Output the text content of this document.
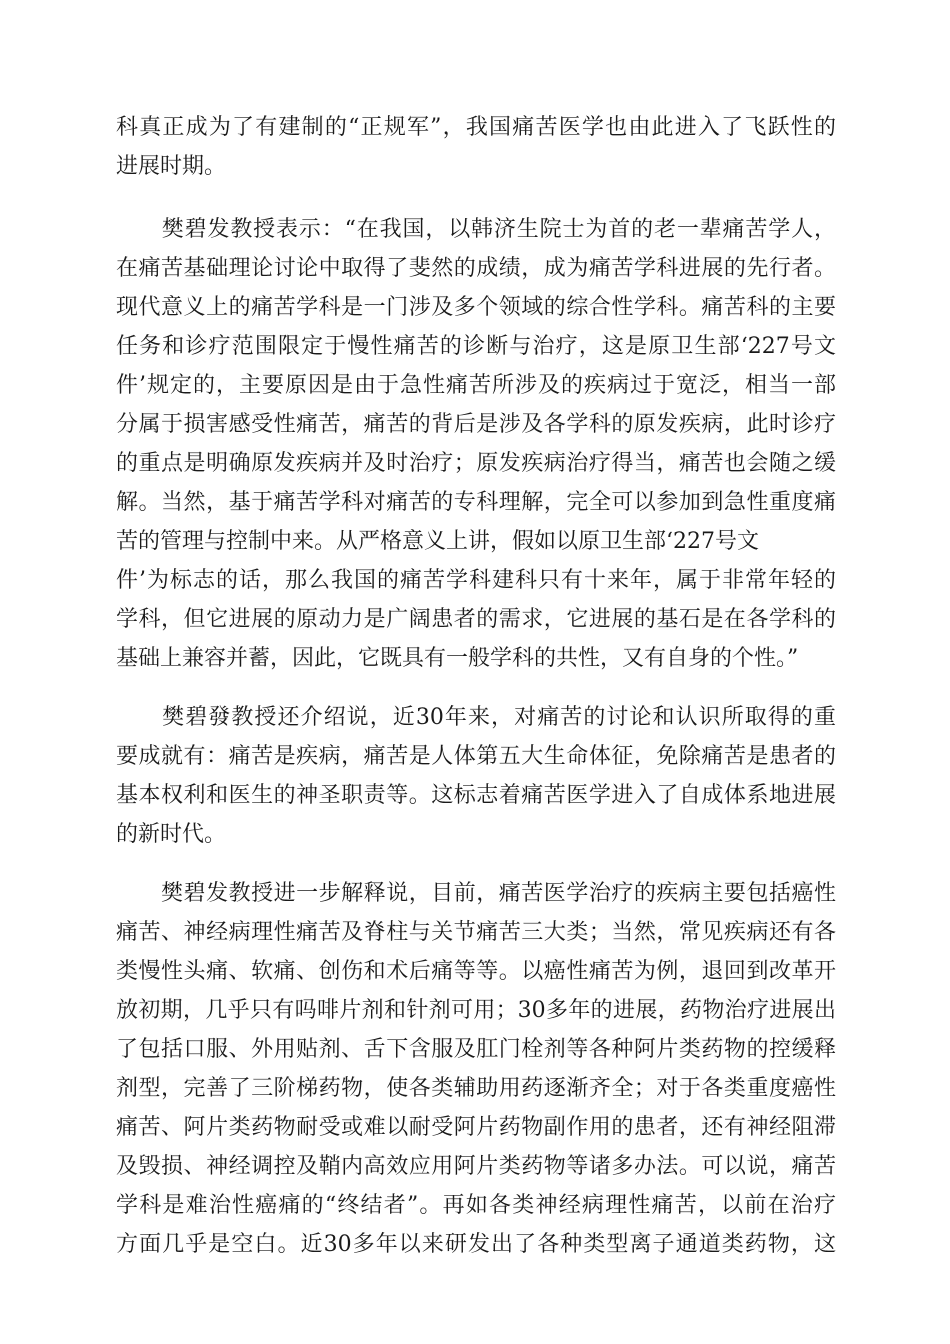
科真正成为了有建制的“正规军”，我国痛苦医学也由此进入了飞跃性的
进展时期。
　　樊碧发教授表示：“在我国，以韩济生院士为首的老一辈痛苦学人，
在痛苦基础理论讨论中取得了斐然的成绩，成为痛苦学科进展的先行者。
现代意义上的痛苦学科是一门涉及多个领域的综合性学科。痛苦科的主要
任务和诊疗范围限定于慢性痛苦的诊断与治疗，这是原卫生部‘227号文
件’规定的，主要原因是由于急性痛苦所涉及的疾病过于宽泛，相当一部
分属于损害感受性痛苦，痛苦的背后是涉及各学科的原发疾病，此时诊疗
的重点是明确原发疾病并及时治疗；原发疾病治疗得当，痛苦也会随之缓
解。当然，基于痛苦学科对痛苦的专科理解，完全可以参加到急性重度痛
苦的管理与控制中来。从严格意义上讲，假如以原卫生部‘227号文
件’为标志的话，那么我国的痛苦学科建科只有十来年，属于非常年轻的
学科，但它进展的原动力是广阔患者的需求，它进展的基石是在各学科的
基础上兼容并蓄，因此，它既具有一般学科的共性，又有自身的个性。”
　　樊碧發教授还介绍说，近30年来，对痛苦的讨论和认识所取得的重
要成就有：痛苦是疾病，痛苦是人体第五大生命体征，免除痛苦是患者的
基本权利和医生的神圣职责等。这标志着痛苦医学进入了自成体系地进展
的新时代。
　　樊碧发教授进一步解释说，目前，痛苦医学治疗的疾病主要包括癌性
痛苦、神经病理性痛苦及脊柱与关节痛苦三大类；当然，常见疾病还有各
类慢性头痛、软痛、创伤和术后痛等等。以癌性痛苦为例，退回到改革开
放初期，几乎只有吗啡片剂和针剂可用；30多年的进展，药物治疗进展出
了包括口服、外用贴剂、舌下含服及肛门栓剂等各种阿片类药物的控缓释
剂型，完善了三阶梯药物，使各类辅助用药逐渐齐全；对于各类重度癌性
痛苦、阿片类药物耐受或难以耐受阿片药物副作用的患者，还有神经阻滞
及毁损、神经调控及鞘内高效应用阿片类药物等诸多办法。可以说，痛苦
学科是难治性癌痛的“终结者”。再如各类神经病理性痛苦，以前在治疗
方面几乎是空白。近30多年以来研发出了各种类型离子通道类药物，这
